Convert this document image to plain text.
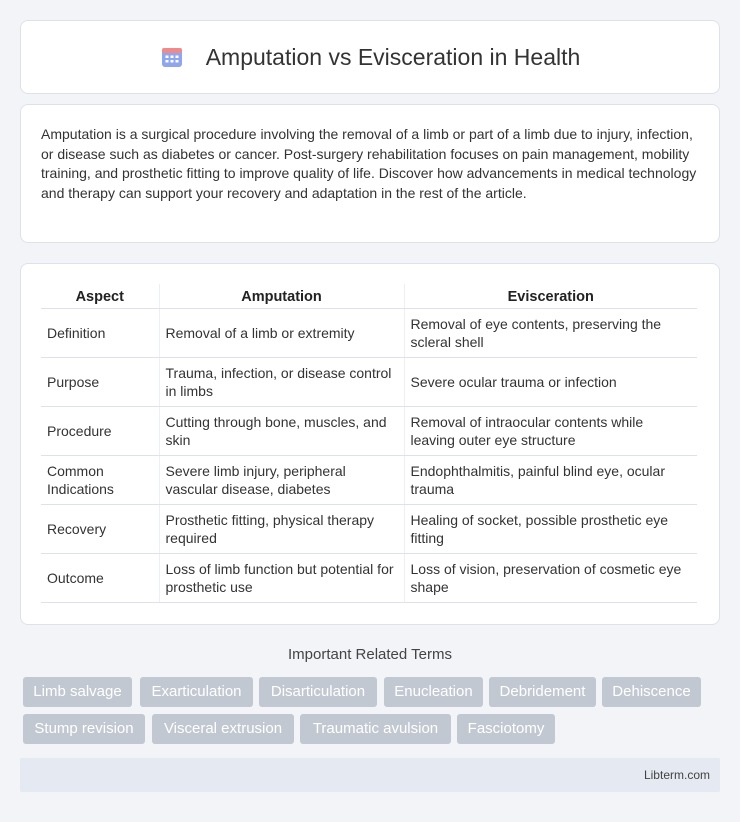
Amputation vs Evisceration in Health

Amputation is a surgical procedure involving the removal of a limb or part of a limb due to injury, infection, or disease such as diabetes or cancer. Post-surgery rehabilitation focuses on pain management, mobility training, and prosthetic fitting to improve quality of life. Discover how advancements in medical technology and therapy can support your recovery and adaptation in the rest of the article.

Aspect	Amputation	Evisceration
Definition	Removal of a limb or extremity	Removal of eye contents, preserving the scleral shell
Purpose	Trauma, infection, or disease control in limbs	Severe ocular trauma or infection
Procedure	Cutting through bone, muscles, and skin	Removal of intraocular contents while leaving outer eye structure
Common Indications	Severe limb injury, peripheral vascular disease, diabetes	Endophthalmitis, painful blind eye, ocular trauma
Recovery	Prosthetic fitting, physical therapy required	Healing of socket, possible prosthetic eye fitting
Outcome	Loss of limb function but potential for prosthetic use	Loss of vision, preservation of cosmetic eye shape
Important Related Terms
Limb salvage	Exarticulation	Disarticulation	Enucleation	Debridement	Dehiscence
Stump revision	Visceral extrusion	Traumatic avulsion	Fasciotomy
Libterm.com
